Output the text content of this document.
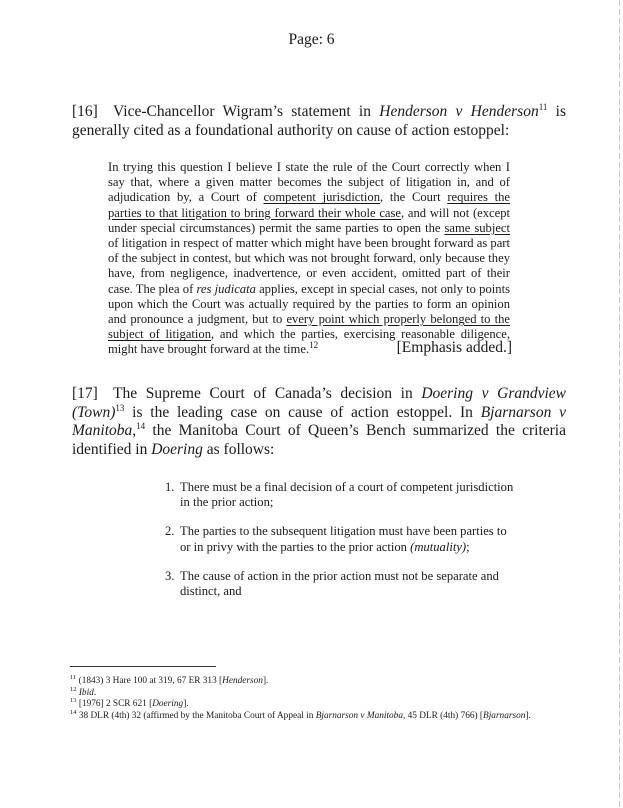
Page: 6
[16] Vice-Chancellor Wigram’s statement in Henderson v Henderson$^{11}$ is generally cited as a foundational authority on cause of action estoppel:
In trying this question I believe I state the rule of the Court correctly when I say that, where a given matter becomes the subject of litigation in, and of adjudication by, a Court of competent jurisdiction, the Court requires the parties to that litigation to bring forward their whole case, and will not (except under special circumstances) permit the same parties to open the same subject of litigation in respect of matter which might have been brought forward as part of the subject in contest, but which was not brought forward, only because they have, from negligence, inadvertence, or even accident, omitted part of their case. The plea of res judicata applies, except in special cases, not only to points upon which the Court was actually required by the parties to form an opinion and pronounce a judgment, but to every point which properly belonged to the subject of litigation, and which the parties, exercising reasonable diligence, might have brought forward at the time.$^{12}$	[Emphasis added.]
[17] The Supreme Court of Canada’s decision in Doering v Grandview (Town)$^{13}$ is the leading case on cause of action estoppel. In Bjarnarson v Manitoba,$^{14}$ the Manitoba Court of Queen’s Bench summarized the criteria identified in Doering as follows:
1. There must be a final decision of a court of competent jurisdiction in the prior action;
2. The parties to the subsequent litigation must have been parties to or in privy with the parties to the prior action (mutuality);
3. The cause of action in the prior action must not be separate and distinct, and
$^{11}$ (1843) 3 Hare 100 at 319, 67 ER 313 [Henderson].
$^{12}$ Ibid.
$^{13}$ [1976] 2 SCR 621 [Doering].
$^{14}$ 38 DLR (4th) 32 (affirmed by the Manitoba Court of Appeal in Bjarnarson v Manitoba, 45 DLR (4th) 766) [Bjarnarson].
